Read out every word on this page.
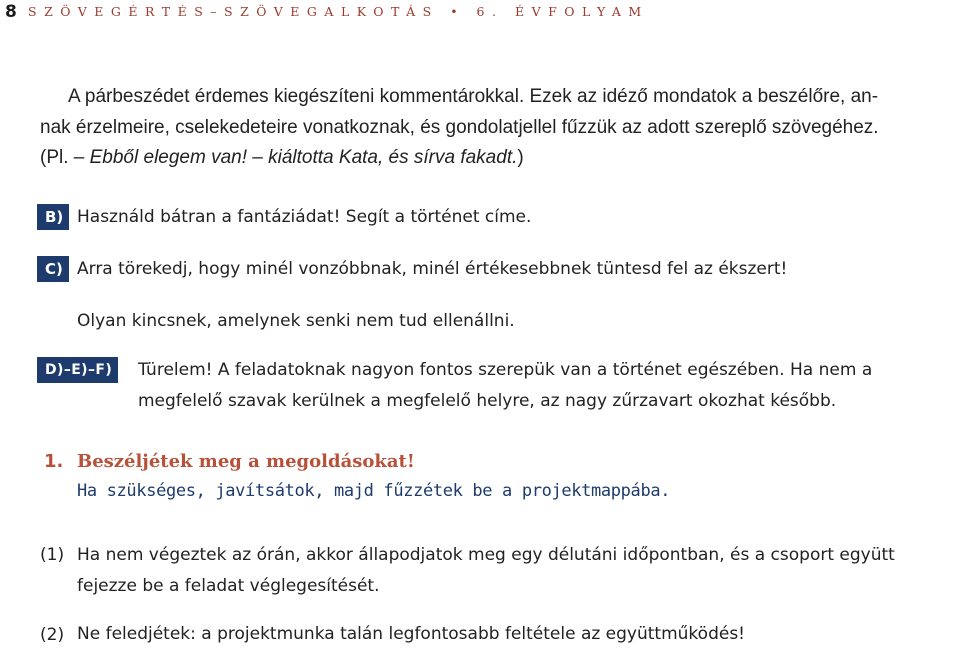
8 SZÖVEGÉRTÉS–SZÖVEGALKOTÁS • 6. ÉVFOLYAM

A párbeszédet érdemes kiegészíteni kommentárokkal. Ezek az idéző mondatok a beszélőre, an-

nak érzelmeire, cselekedeteire vonatkoznak, és gondolatjellel fűzzük az adott szereplő szövegéhez.

(Pl. – Ebből elegem van! – kiáltotta Kata, és sírva fakadt.)

B) Használd bátran a fantáziádat! Segít a történet címe.
C) Arra törekedj, hogy minél vonzóbbnak, minél értékesebbnek tüntesd fel az ékszert!
Olyan kincsnek, amelynek senki nem tud ellenállni.
D)–E)–F)	Türelem! A feladatoknak nagyon fontos szerepük van a történet egészében. Ha nem a
megfelelő szavak kerülnek a megfelelő helyre, az nagy zűrzavart okozhat később.
1. Beszéljétek meg a megoldásokat!
Ha szükséges, javítsátok, majd fűzzétek be a projektmappába.
(1) Ha nem végeztek az órán, akkor állapodjatok meg egy délutáni időpontban, és a csoport együtt
fejezze be a feladat véglegesítését.
(2) Ne feledjétek: a projektmunka talán legfontosabb feltétele az együttműködés!
